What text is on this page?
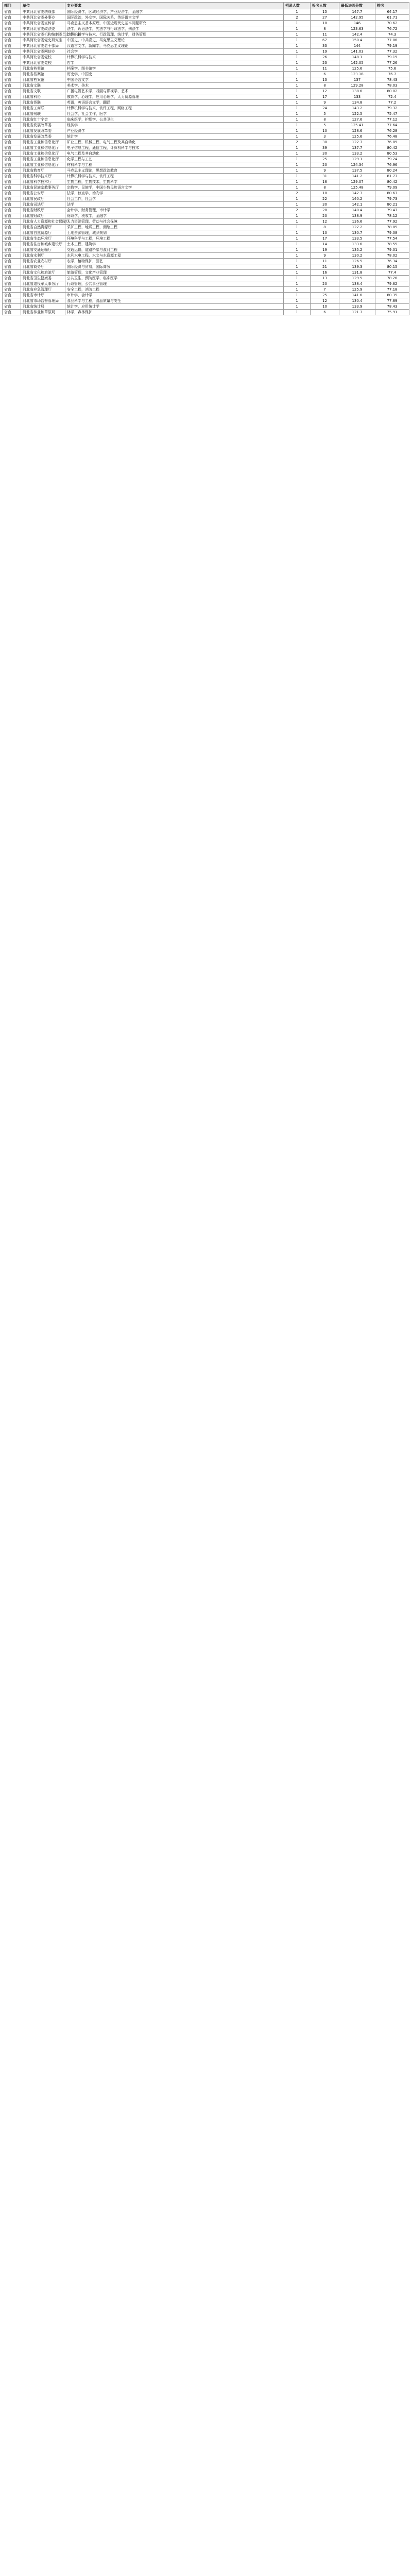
部门	单位	专业要求	招录人数	报名人数	最低进面分数	排名
省直	中共河北省委统战部	国际经济学，区域经济学，产业经济学，金融学	1	15	147.7	64.17
省直	中共河北省委外事办	国际政治，外交学，国际关系，英语语言文学	2	27	142.95	61.71
省直	中共河北省委宣传部	马克思主义基本原理，中国近现代史基本问题研究	1	18	146	70.62
省直	中共河北省委政法委	法学，诉讼法学，宪法学与行政法学，刑法学	1	8	123.63	76.72
省直	中共河北省委机构编制委员会办公室	计算机科学与技术，行政管理，统计学，财务管理	1	11	142.4	74.3
省直	中共河北省委党史研究室	中国史，中共党史，马克思主义理论	1	67	150.4	77.06
省直	中共河北省委老干部局	汉语言文学，新闻学，马克思主义理论	1	33	144	79.19
省直	中共河北省委网信办	社会学	1	19	141.03	77.32
省直	中共河北省委党校	计算机科学与技术	1	26	148.1	79.19
省直	中共河北省委党校	哲学	1	23	142.05	77.26
省直	河北省档案馆	档案学，图书馆学	1	11	125.6	75.6
省直	河北省档案馆	历史学，中国史	1	6	123.18	76.7
省直	河北省档案馆	中国语言文学	1	13	137	78.43
省直	河北省文联	美术学，美术	1	8	129.28	78.03
省直	河北省文联	广播电视艺术学，戏剧与影视学，艺术	1	12	138.6	80.02
省直	河北省科协	教育学，心理学，应用心理学，人力资源管理	1	17	133	72.4
省直	河北省侨联	英语，英语语言文学，翻译	1	9	134.8	77.2
省直	河北省工商联	计算机科学与技术，软件工程，网络工程	1	24	143.2	79.32
省直	河北省残联	社会学，社会工作，医学	1	5	122.5	75.47
省直	河北省红十字会	临床医学，护理学，公共卫生	1	8	127.6	77.12
省直	河北省发展改革委	经济学	1	5	125.41	77.64
省直	河北省发展改革委	产业经济学	1	10	128.6	76.28
省直	河北省发展改革委	统计学	1	3	125.6	76.48
省直	河北省工业和信息化厅	矿业工程，机械工程，电气工程及其自动化	2	30	122.7	76.89
省直	河北省工业和信息化厅	电子信息工程，通信工程，计算机科学与技术	1	39	137.7	80.42
省直	河北省工业和信息化厅	电气工程及其自动化	1	30	133.2	80.53
省直	河北省工业和信息化厅	化学工程与工艺	1	25	129.1	79.24
省直	河北省工业和信息化厅	材料科学与工程	1	20	124.34	76.96
省直	河北省教育厅	马克思主义理论，思想政治教育	1	9	137.5	80.24
省直	河北省科学技术厅	计算机科学与技术，软件工程	1	31	141.2	81.77
省直	河北省科学技术厅	生物工程，生物技术，生物科学	1	16	129.07	80.42
省直	河北省民族宗教事务厅	宗教学，民族学，中国少数民族语言文学	1	8	125.48	79.09
省直	河北省公安厅	法学，侦查学，治安学	2	18	142.3	80.67
省直	河北省民政厅	社会工作，社会学	1	22	140.2	79.73
省直	河北省司法厅	法学	1	30	142.1	80.21
省直	河北省财政厅	会计学，财务管理，审计学	2	28	140.4	79.47
省直	河北省财政厅	财政学，税收学，金融学	1	20	138.9	78.12
省直	河北省人力资源和社会保障厅	人力资源管理，劳动与社会保障	1	12	136.6	77.92
省直	河北省自然资源厅	采矿工程，地质工程，测绘工程	1	8	127.2	78.85
省直	河北省自然资源厅	土地资源管理，城乡规划	1	10	130.7	79.08
省直	河北省生态环境厅	环境科学与工程，环境工程	1	17	133.5	77.54
省直	河北省住房和城乡建设厅	土木工程，建筑学	1	14	133.6	78.55
省直	河北省交通运输厅	交通运输，道路桥梁与渡河工程	1	19	135.2	79.01
省直	河北省水利厅	水利水电工程，水文与水资源工程	1	9	130.2	78.02
省直	河北省农业农村厅	农学，植物保护，园艺	1	11	126.5	76.34
省直	河北省商务厅	国际经济与贸易，国际商务	1	21	139.3	80.15
省直	河北省文化和旅游厅	旅游管理，文化产业管理	1	16	131.8	77.4
省直	河北省卫生健康委	公共卫生，预防医学，临床医学	1	13	129.5	78.26
省直	河北省退役军人事务厅	行政管理，公共事业管理	1	20	138.4	79.62
省直	河北省应急管理厅	安全工程，消防工程	1	7	125.9	77.18
省直	河北省审计厅	审计学，会计学	1	25	141.6	80.35
省直	河北省市场监督管理局	食品科学与工程，食品质量与安全	1	12	130.4	77.89
省直	河北省统计局	统计学，应用统计学	1	10	133.9	78.43
省直	河北省林业和草原局	林学，森林保护	1	6	121.7	75.91
